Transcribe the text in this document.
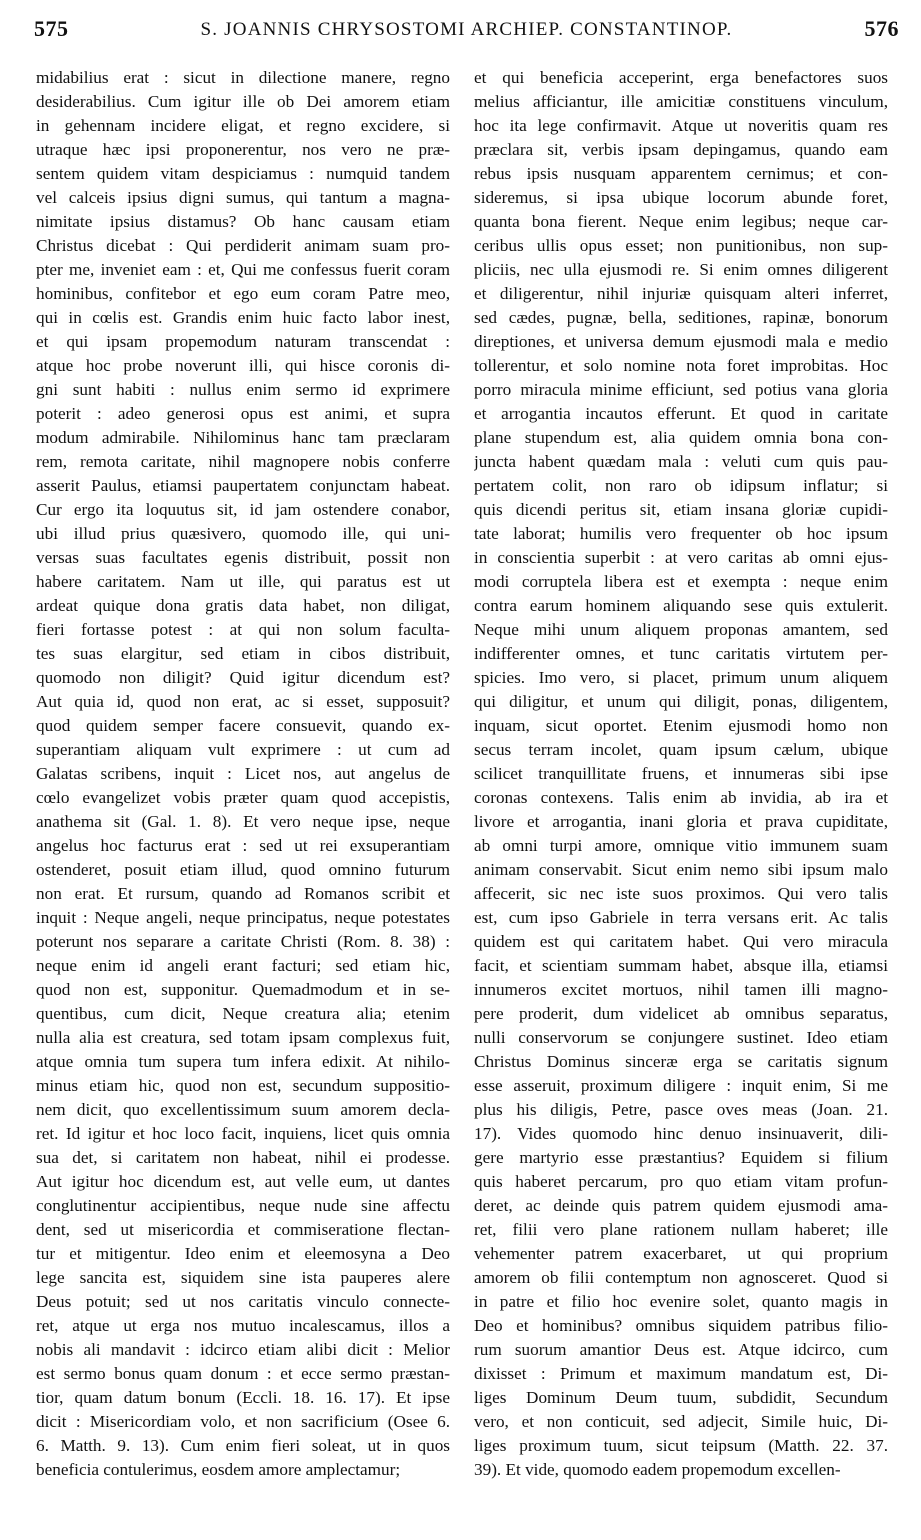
575	S. JOANNIS CHRYSOSTOMI ARCHIEP. CONSTANTINOP.	576
midabilius erat : sicut in dilectione manere, regno
desiderabilius. Cum igitur ille ob Dei amorem etiam
in gehennam incidere eligat, et regno excidere, si
utraque hæc ipsi proponerentur, nos vero ne præ-
sentem quidem vitam despiciamus : numquid tandem
vel calceis ipsius digni sumus, qui tantum a magna-
nimitate ipsius distamus? Ob hanc causam etiam
Christus dicebat : Qui perdiderit animam suam pro-
pter me, inveniet eam : et, Qui me confessus fuerit coram
hominibus, confitebor et ego eum coram Patre meo,
qui in cœlis est. Grandis enim huic facto labor inest,
et qui ipsam propemodum naturam transcendat :
atque hoc probe noverunt illi, qui hisce coronis di-
gni sunt habiti : nullus enim sermo id exprimere
poterit : adeo generosi opus est animi, et supra
modum admirabile. Nihilominus hanc tam præclaram
rem, remota caritate, nihil magnopere nobis conferre
asserit Paulus, etiamsi paupertatem conjunctam habeat.
Cur ergo ita loquutus sit, id jam ostendere conabor,
ubi illud prius quæsivero, quomodo ille, qui uni-
versas suas facultates egenis distribuit, possit non
habere caritatem. Nam ut ille, qui paratus est ut
ardeat quique dona gratis data habet, non diligat,
fieri fortasse potest : at qui non solum faculta-
tes suas elargitur, sed etiam in cibos distribuit,
quomodo non diligit? Quid igitur dicendum est?
Aut quia id, quod non erat, ac si esset, supposuit?
quod quidem semper facere consuevit, quando ex-
superantiam aliquam vult exprimere : ut cum ad
Galatas scribens, inquit : Licet nos, aut angelus de
cœlo evangelizet vobis præter quam quod accepistis,
anathema sit (Gal. 1. 8). Et vero neque ipse, neque
angelus hoc facturus erat : sed ut rei exsuperantiam
ostenderet, posuit etiam illud, quod omnino futurum
non erat. Et rursum, quando ad Romanos scribit et
inquit : Neque angeli, neque principatus, neque potestates
poterunt nos separare a caritate Christi (Rom. 8. 38) :
neque enim id angeli erant facturi; sed etiam hic,
quod non est, supponitur. Quemadmodum et in se-
quentibus, cum dicit, Neque creatura alia; etenim
nulla alia est creatura, sed totam ipsam complexus fuit,
atque omnia tum supera tum infera edixit. At nihilo-
minus etiam hic, quod non est, secundum suppositio-
nem dicit, quo excellentissimum suum amorem decla-
ret. Id igitur et hoc loco facit, inquiens, licet quis omnia
sua det, si caritatem non habeat, nihil ei prodesse.
Aut igitur hoc dicendum est, aut velle eum, ut dantes
conglutinentur accipientibus, neque nude sine affectu
dent, sed ut misericordia et commiseratione flectan-
tur et mitigentur. Ideo enim et eleemosyna a Deo
lege sancita est, siquidem sine ista pauperes alere
Deus potuit; sed ut nos caritatis vinculo connecte-
ret, atque ut erga nos mutuo incalescamus, illos a
nobis ali mandavit : idcirco etiam alibi dicit : Melior
est sermo bonus quam donum : et ecce sermo præstan-
tior, quam datum bonum (Eccli. 18. 16. 17). Et ipse
dicit : Misericordiam volo, et non sacrificium (Osee 6.
6. Matth. 9. 13). Cum enim fieri soleat, ut in quos
beneficia contulerimus, eosdem amore amplectamur;
et qui beneficia acceperint, erga benefactores suos
melius afficiantur, ille amicitiæ constituens vinculum,
hoc ita lege confirmavit. Atque ut noveritis quam res
præclara sit, verbis ipsam depingamus, quando eam
rebus ipsis nusquam apparentem cernimus; et con-
sideremus, si ipsa ubique locorum abunde foret,
quanta bona fierent. Neque enim legibus; neque car-
ceribus ullis opus esset; non punitionibus, non sup-
pliciis, nec ulla ejusmodi re. Si enim omnes diligerent
et diligerentur, nihil injuriæ quisquam alteri inferret,
sed cædes, pugnæ, bella, seditiones, rapinæ, bonorum
direptiones, et universa demum ejusmodi mala e medio
tollerentur, et solo nomine nota foret improbitas. Hoc
porro miracula minime efficiunt, sed potius vana gloria
et arrogantia incautos efferunt. Et quod in caritate
plane stupendum est, alia quidem omnia bona con-
juncta habent quædam mala : veluti cum quis pau-
pertatem colit, non raro ob idipsum inflatur; si
quis dicendi peritus sit, etiam insana gloriæ cupidi-
tate laborat; humilis vero frequenter ob hoc ipsum
in conscientia superbit : at vero caritas ab omni ejus-
modi corruptela libera est et exempta : neque enim
contra earum hominem aliquando sese quis extulerit.
Neque mihi unum aliquem proponas amantem, sed
indifferenter omnes, et tunc caritatis virtutem per-
spicies. Imo vero, si placet, primum unum aliquem
qui diligitur, et unum qui diligit, ponas, diligentem,
inquam, sicut oportet. Etenim ejusmodi homo non
secus terram incolet, quam ipsum cælum, ubique
scilicet tranquillitate fruens, et innumeras sibi ipse
coronas contexens. Talis enim ab invidia, ab ira et
livore et arrogantia, inani gloria et prava cupiditate,
ab omni turpi amore, omnique vitio immunem suam
animam conservabit. Sicut enim nemo sibi ipsum malo
affecerit, sic nec iste suos proximos. Qui vero talis
est, cum ipso Gabriele in terra versans erit. Ac talis
quidem est qui caritatem habet. Qui vero miracula
facit, et scientiam summam habet, absque illa, etiamsi
innumeros excitet mortuos, nihil tamen illi magno-
pere proderit, dum videlicet ab omnibus separatus,
nulli conservorum se conjungere sustinet. Ideo etiam
Christus Dominus sinceræ erga se caritatis signum
esse asseruit, proximum diligere : inquit enim, Si me
plus his diligis, Petre, pasce oves meas (Joan. 21.
17). Vides quomodo hinc denuo insinuaverit, dili-
gere martyrio esse præstantius? Equidem si filium
quis haberet percarum, pro quo etiam vitam profun-
deret, ac deinde quis patrem quidem ejusmodi ama-
ret, filii vero plane rationem nullam haberet; ille
vehementer patrem exacerbaret, ut qui proprium
amorem ob filii contemptum non agnosceret. Quod si
in patre et filio hoc evenire solet, quanto magis in
Deo et hominibus? omnibus siquidem patribus filio-
rum suorum amantior Deus est. Atque idcirco, cum
dixisset : Primum et maximum mandatum est, Di-
liges Dominum Deum tuum, subdidit, Secundum
vero, et non conticuit, sed adjecit, Simile huic, Di-
liges proximum tuum, sicut teipsum (Matth. 22. 37.
39). Et vide, quomodo eadem propemodum excellen-
